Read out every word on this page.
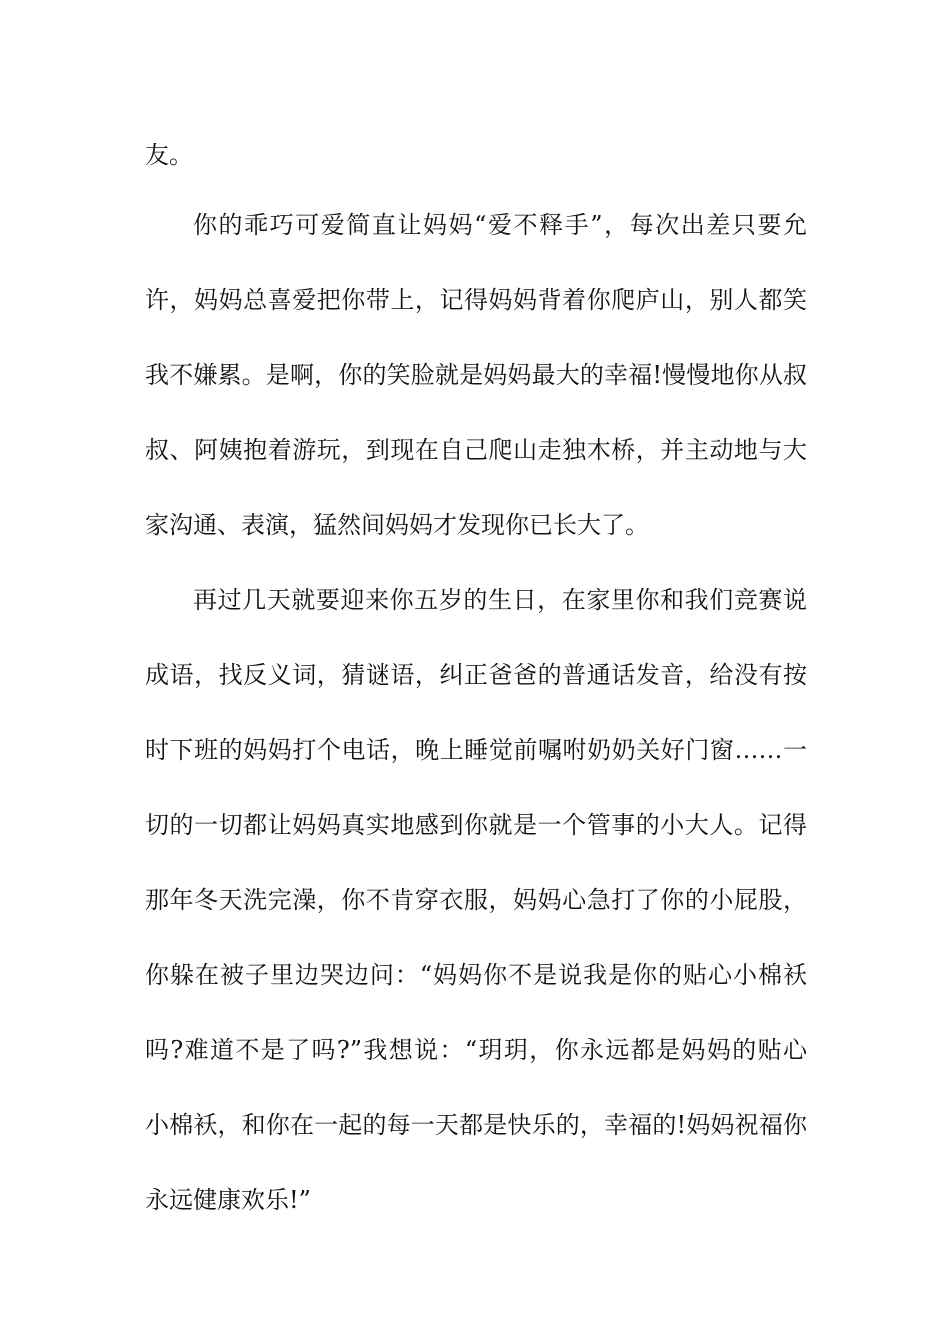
友。
你的乖巧可爱简直让妈妈“爱不释手”，每次出差只要允
许，妈妈总喜爱把你带上，记得妈妈背着你爬庐山，别人都笑
我不嫌累。是啊，你的笑脸就是妈妈最大的幸福!慢慢地你从叔
叔、阿姨抱着游玩，到现在自己爬山走独木桥，并主动地与大
家沟通、表演，猛然间妈妈才发现你已长大了。
再过几天就要迎来你五岁的生日，在家里你和我们竞赛说
成语，找反义词，猜谜语，纠正爸爸的普通话发音，给没有按
时下班的妈妈打个电话，晚上睡觉前嘱咐奶奶关好门窗……一
切的一切都让妈妈真实地感到你就是一个管事的小大人。记得
那年冬天洗完澡，你不肯穿衣服，妈妈心急打了你的小屁股，
你躲在被子里边哭边问：“妈妈你不是说我是你的贴心小棉袄
吗?难道不是了吗?”我想说：“玥玥，你永远都是妈妈的贴心
小棉袄，和你在一起的每一天都是快乐的，幸福的!妈妈祝福你
永远健康欢乐!”
